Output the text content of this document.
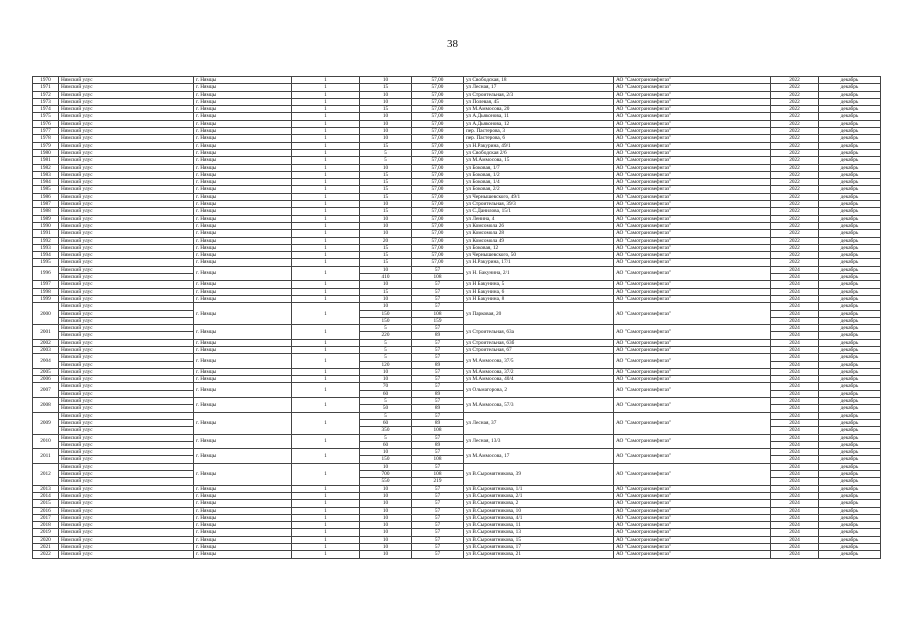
38
1970	Нямский улус	г. Нямцы	1	10	57,00	ул Свободская, 18	АО "Самотрансвефнгаз"	2022	декабрь
1971	Нямский улус	г. Нямцы	1	15	57,00	ул Лесная, 17	АО "Самотрансвефнгаз"	2022	декабрь
1972	Нямский улус	г. Нямцы	1	10	57,00	ул Строительная, 2/3	АО "Самотрансвефнгаз"	2022	декабрь
1973	Нямский улус	г. Нямцы	1	10	57,00	ул Полевая, 45	АО "Самотрансвефнгаз"	2022	декабрь
1974	Нямский улус	г. Нямцы	1	15	57,00	ул М.Аммосова, 20	АО "Самотрансвефнгаз"	2022	декабрь
1975	Нямский улус	г. Нямцы	1	10	57,00	ул А.Дьяконова, 11	АО "Самотрансвефнгаз"	2022	декабрь
1976	Нямский улус	г. Нямцы	1	10	57,00	ул А.Дьяконова, 12	АО "Самотрансвефнгаз"	2022	декабрь
1977	Нямский улус	г. Нямцы	1	10	57,00	пер. Пастерова, 3	АО "Самотрансвефнгаз"	2022	декабрь
1978	Нямский улус	г. Нямцы	1	10	57,00	пер. Пастерова, 6	АО "Самотрансвефнгаз"	2022	декабрь
1979	Нямский улус	г. Нямцы	1	15	57,00	ул Н.Ракурина, 49/1	АО "Самотрансвефнгаз"	2022	декабрь
1980	Нямский улус	г. Нямцы	1	5	57,00	ул Свободская 2/6	АО "Самотрансвефнгаз"	2022	декабрь
1981	Нямский улус	г. Нямцы	1	5	57,00	ул М.Аммосова, 15	АО "Самотрансвефнгаз"	2022	декабрь
1982	Нямский улус	г. Нямцы	1	10	57,00	ул Боковая, 1/7	АО "Самотрансвефнгаз"	2022	декабрь
1983	Нямский улус	г. Нямцы	1	15	57,00	ул Боковая, 1/2	АО "Самотрансвефнгаз"	2022	декабрь
1984	Нямский улус	г. Нямцы	1	15	57,00	ул Боковая, 1/4	АО "Самотрансвефнгаз"	2022	декабрь
1985	Нямский улус	г. Нямцы	1	15	57,00	ул Боковая, 2/2	АО "Самотрансвефнгаз"	2022	декабрь
1986	Нямский улус	г. Нямцы	1	15	57,00	ул Чернышевского, 49/1	АО "Самотрансвефнгаз"	2022	декабрь
1987	Нямский улус	г. Нямцы	1	10	57,00	ул Строительная, 39/3	АО "Самотрансвефнгаз"	2022	декабрь
1988	Нямский улус	г. Нямцы	1	15	57,00	ул С.Данилова, 15/1	АО "Самотрансвефнгаз"	2022	декабрь
1989	Нямский улус	г. Нямцы	1	10	57,00	ул Ленина, 4	АО "Самотрансвефнгаз"	2022	декабрь
1990	Нямский улус	г. Нямцы	1	10	57,00	ул Комсомола 26	АО "Самотрансвефнгаз"	2022	декабрь
1991	Нямский улус	г. Нямцы	1	10	57,00	ул Комсомола 28	АО "Самотрансвефнгаз"	2022	декабрь
1992	Нямский улус	г. Нямцы	1	20	57,00	ул Комсомола 49	АО "Самотрансвефнгаз"	2022	декабрь
1993	Нямский улус	г. Нямцы	1	15	57,00	ул Боковая, 12	АО "Самотрансвефнгаз"	2022	декабрь
1994	Нямский улус	г. Нямцы	1	15	57,00	ул Чернышевского, 50	АО "Самотрансвефнгаз"	2022	декабрь
1995	Нямский улус	г. Нямцы	1	15	57,00	ул Н.Ракурина, 17/1	АО "Самотрансвефнгаз"	2022	декабрь
1996	Нямский улус	г. Нямцы	1	10	57	ул Н. Бакунина, 2/1	АО "Самотрансвефнгаз"	2024	декабрь
	Нямский улус			410	108			2024	декабрь
1997	Нямский улус	г. Нямцы	1	10	57	ул Н Бакунина, 5	АО "Самотрансвефнгаз"	2024	декабрь
1998	Нямский улус	г. Нямцы	1	15	57	ул Н Бакунина, 6	АО "Самотрансвефнгаз"	2024	декабрь
1999	Нямский улус	г. Нямцы	1	10	57	ул Н Бакунина, 8	АО "Самотрансвефнгаз"	2024	декабрь
2000	Нямский улус	г. Нямцы	1	10	57	ул Парковая, 20	АО "Самотрансвефнгаз"	2024	декабрь
	Нямский улус			150	108			2024	декабрь
	Нямский улус			150	159			2024	декабрь
2001	Нямский улус	г. Нямцы	1	5	57	ул Строительная, 63а	АО "Самотрансвефнгаз"	2024	декабрь
	Нямский улус			220	89			2024	декабрь
2002	Нямский улус	г. Нямцы	1	5	57	ул Строительная, 63б	АО "Самотрансвефнгаз"	2024	декабрь
2003	Нямский улус	г. Нямцы	1	5	57	ул Строительная, 67	АО "Самотрансвефнгаз"	2024	декабрь
2004	Нямский улус	г. Нямцы	1	5	57	ул М.Аммосова, 37/5	АО "Самотрансвефнгаз"	2024	декабрь
	Нямский улус			120	89			2024	декабрь
2005	Нямский улус	г. Нямцы	1	10	57	ул М.Аммосова, 37/2	АО "Самотрансвефнгаз"	2024	декабрь
2006	Нямский улус	г. Нямцы	1	10	57	ул М.Аммосова, 40/4	АО "Самотрансвефнгаз"	2024	декабрь
2007	Нямский улус	г. Нямцы	1	70	57	ул Ольмагорова, 2	АО "Самотрансвефнгаз"	2024	декабрь
	Нямский улус			60	89			2024	декабрь
2008	Нямский улус	г. Нямцы	1	5	57	ул М.Аммосова, 57/3	АО "Самотрансвефнгаз"	2024	декабрь
	Нямский улус			50	89			2024	декабрь
2009	Нямский улус	г. Нямцы	1	5	57	ул Лесная, 37	АО "Самотрансвефнгаз"	2024	декабрь
	Нямский улус			60	89			2024	декабрь
	Нямский улус			350	108			2024	декабрь
2010	Нямский улус	г. Нямцы	1	5	57	ул Лесная, 13/3	АО "Самотрансвефнгаз"	2024	декабрь
	Нямский улус			60	89			2024	декабрь
2011	Нямский улус	г. Нямцы	1	10	57	ул М.Аммосова, 17	АО "Самотрансвефнгаз"	2024	декабрь
	Нямский улус			150	108			2024	декабрь
2012	Нямский улус	г. Нямцы	1	10	57	ул В.Сыромятникова, 39	АО "Самотрансвефнгаз"	2024	декабрь
	Нямский улус			700	108			2024	декабрь
	Нямский улус			550	219			2024	декабрь
2013	Нямский улус	г. Нямцы	1	10	57	ул В.Сыромятникова, 1/1	АО "Самотрансвефнгаз"	2024	декабрь
2014	Нямский улус	г. Нямцы	1	10	57	ул В.Сыромятникова, 2/1	АО "Самотрансвефнгаз"	2024	декабрь
2015	Нямский улус	г. Нямцы	1	10	57	ул В.Сыромятникова, 2	АО "Самотрансвефнгаз"	2024	декабрь
2016	Нямский улус	г. Нямцы	1	10	57	ул В.Сыромятникова, 10	АО "Самотрансвефнгаз"	2024	декабрь
2017	Нямский улус	г. Нямцы	1	10	57	ул В.Сыромятникова, 4/1	АО "Самотрансвефнгаз"	2024	декабрь
2018	Нямский улус	г. Нямцы	1	10	57	ул В.Сыромятникова, 11	АО "Самотрансвефнгаз"	2024	декабрь
2019	Нямский улус	г. Нямцы	1	10	57	ул В.Сыромятникова, 13	АО "Самотрансвефнгаз"	2024	декабрь
2020	Нямский улус	г. Нямцы	1	10	57	ул В.Сыромятникова, 15	АО "Самотрансвефнгаз"	2024	декабрь
2021	Нямский улус	г. Нямцы	1	10	57	ул В.Сыромятникова, 17	АО "Самотрансвефнгаз"	2024	декабрь
2022	Нямский улус	г. Нямцы	1	10	57	ул В.Сыромятникова, 21	АО "Самотрансвефнгаз"	2024	декабрь
